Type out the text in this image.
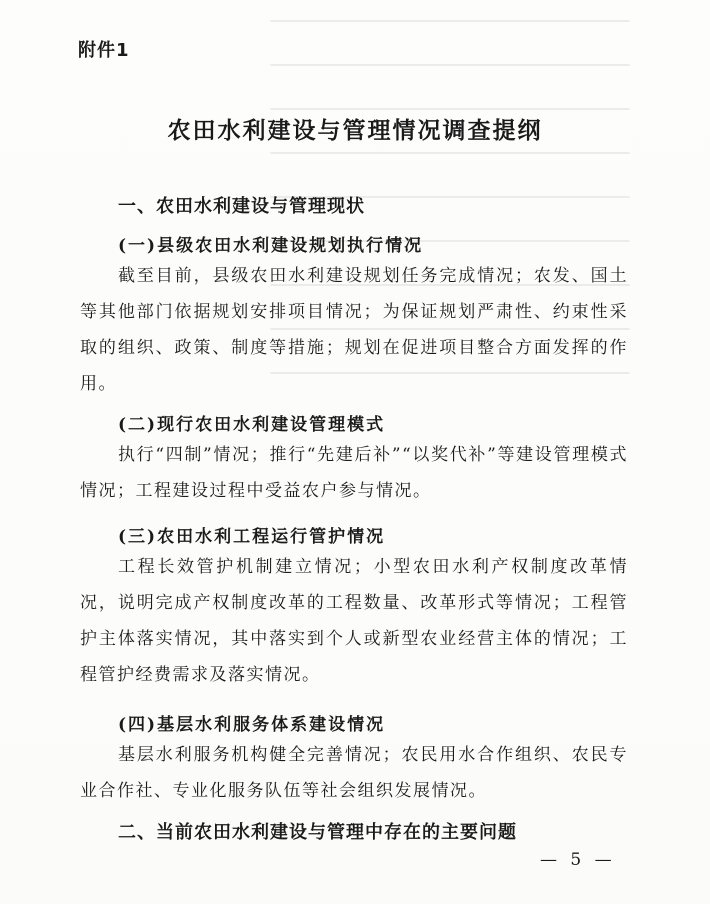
附件1
农田水利建设与管理情况调查提纲
一、农田水利建设与管理现状
(一)县级农田水利建设规划执行情况
截至目前，县级农田水利建设规划任务完成情况；农发、国土等其他部门依据规划安排项目情况；为保证规划严肃性、约束性采取的组织、政策、制度等措施；规划在促进项目整合方面发挥的作用。
(二)现行农田水利建设管理模式
执行“四制”情况；推行“先建后补”“以奖代补”等建设管理模式情况；工程建设过程中受益农户参与情况。
(三)农田水利工程运行管护情况
工程长效管护机制建立情况；小型农田水利产权制度改革情况，说明完成产权制度改革的工程数量、改革形式等情况；工程管护主体落实情况，其中落实到个人或新型农业经营主体的情况；工程管护经费需求及落实情况。
(四)基层水利服务体系建设情况
基层水利服务机构健全完善情况；农民用水合作组织、农民专业合作社、专业化服务队伍等社会组织发展情况。
二、当前农田水利建设与管理中存在的主要问题
— 5 —
